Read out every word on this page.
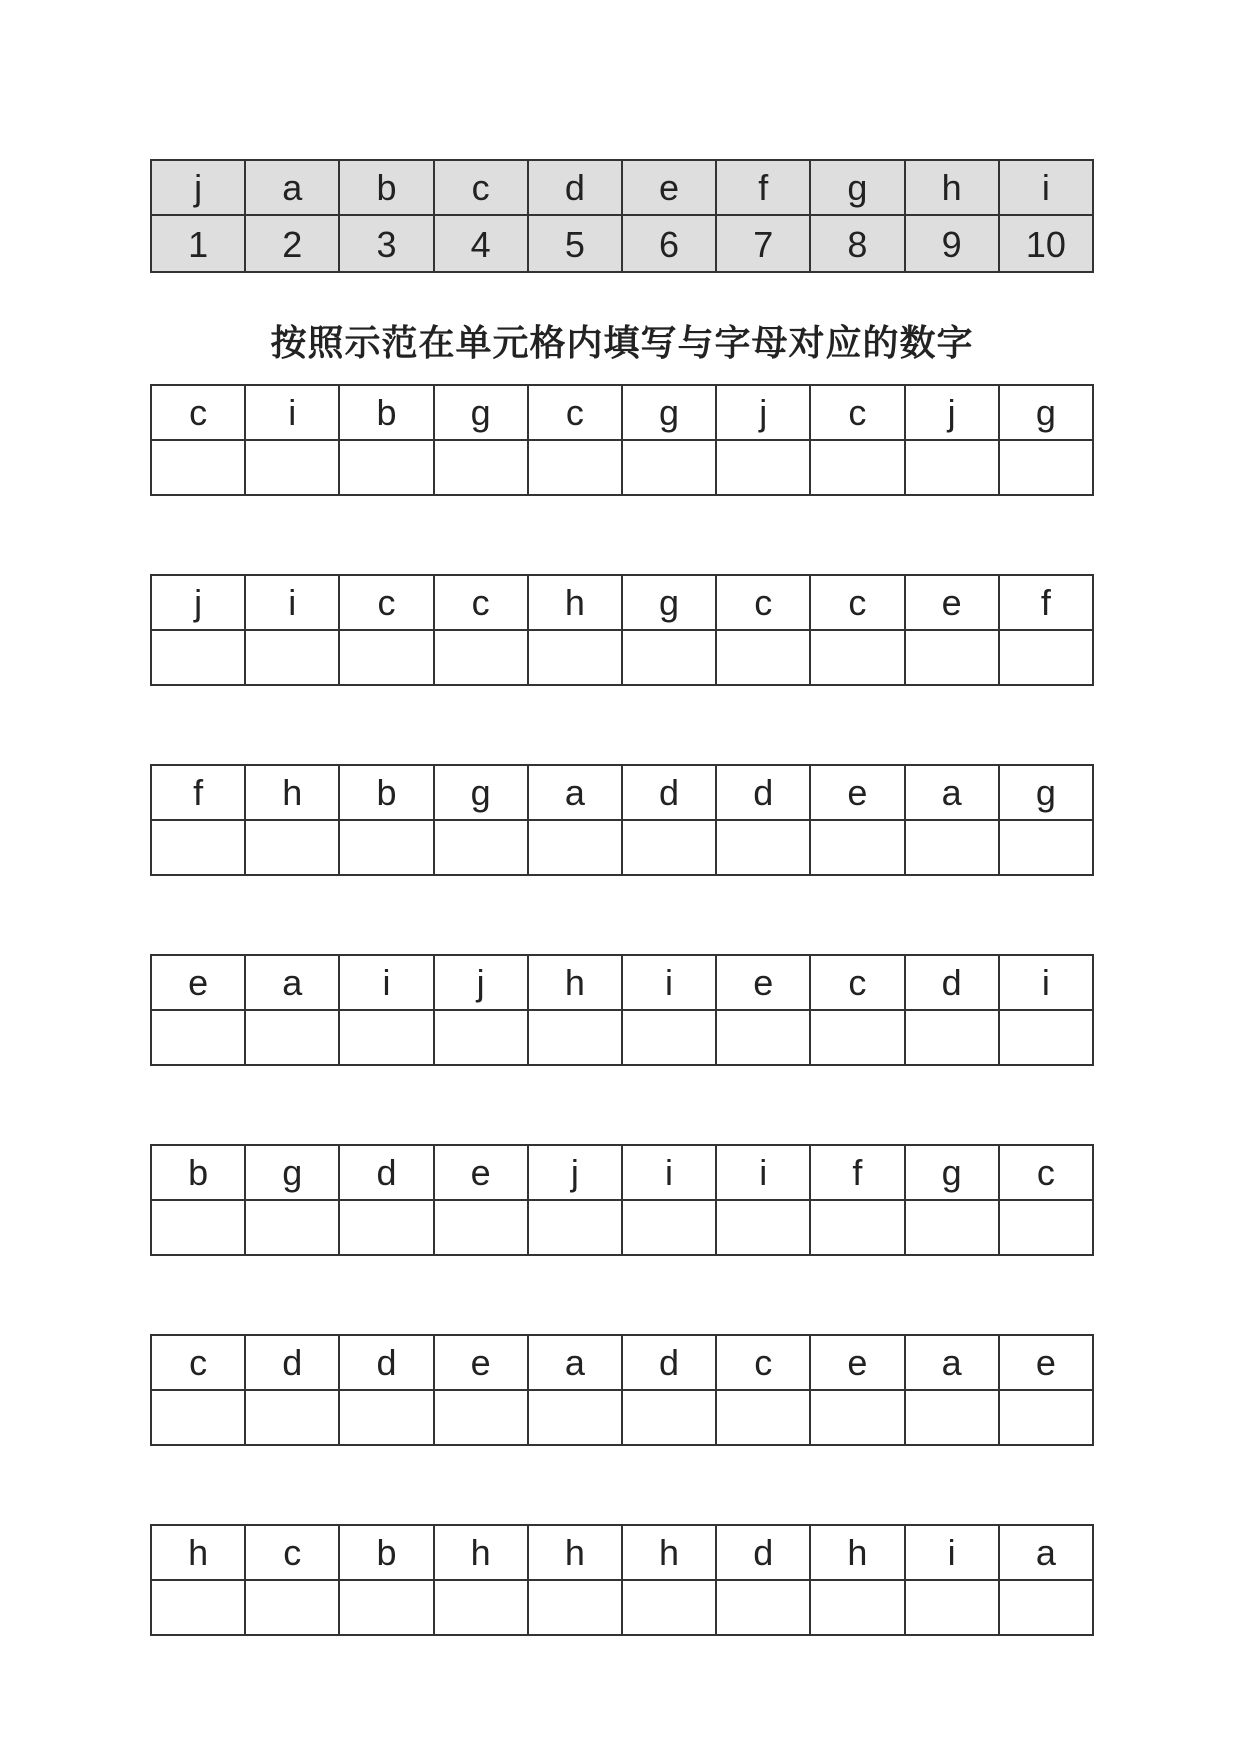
j	a	b	c	d	e	f	g	h	i
1	2	3	4	5	6	7	8	9	10
按照示范在单元格内填写与字母对应的数字
c	i	b	g	c	g	j	c	j	g

j	i	c	c	h	g	c	c	e	f

f	h	b	g	a	d	d	e	a	g

e	a	i	j	h	i	e	c	d	i

b	g	d	e	j	i	i	f	g	c

c	d	d	e	a	d	c	e	a	e

h	c	b	h	h	h	d	h	i	a
